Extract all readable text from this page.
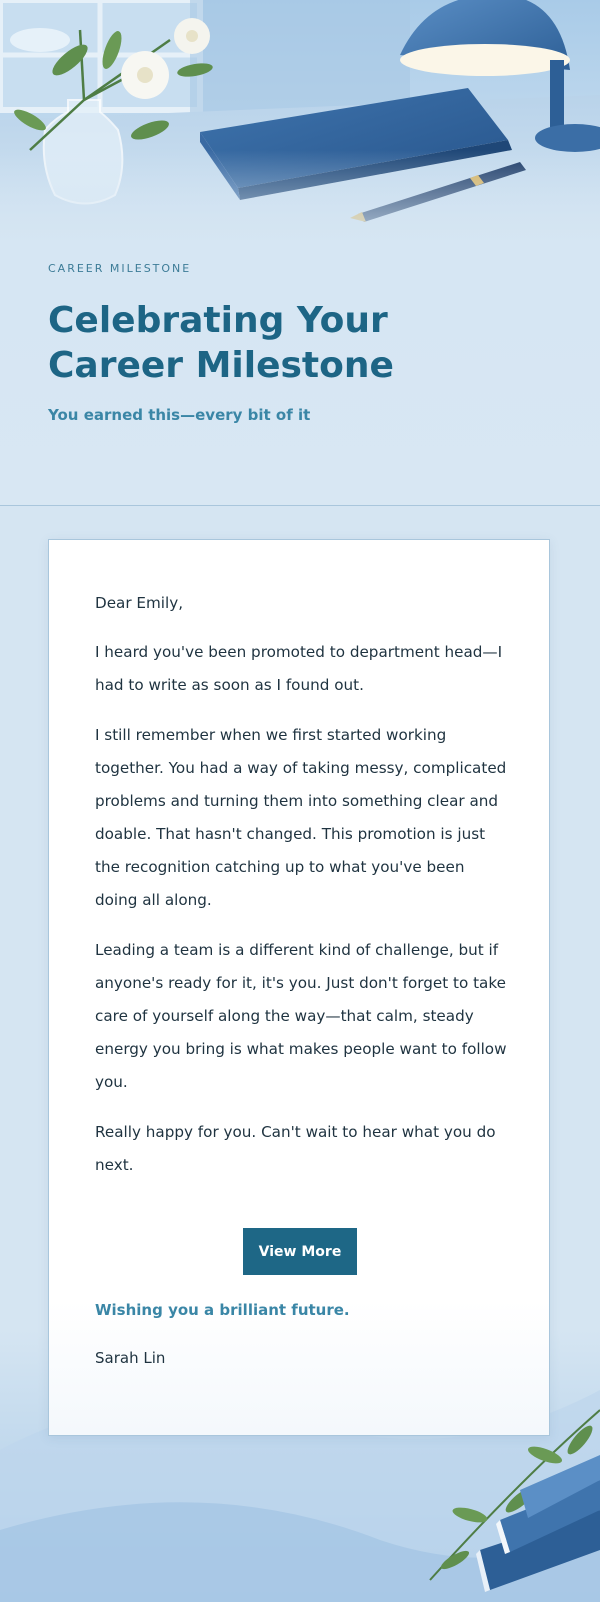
CAREER MILESTONE
Celebrating Your Career Milestone
You earned this—every bit of it

Dear Emily,

I heard you've been promoted to department head—I had to write as soon as I found out.

I still remember when we first started working together. You had a way of taking messy, complicated problems and turning them into something clear and doable. That hasn't changed. This promotion is just the recognition catching up to what you've been doing all along.

Leading a team is a different kind of challenge, but if anyone's ready for it, it's you. Just don't forget to take care of yourself along the way—that calm, steady energy you bring is what makes people want to follow you.

Really happy for you. Can't wait to hear what you do next.

View More
Wishing you a brilliant future.
Sarah Lin
